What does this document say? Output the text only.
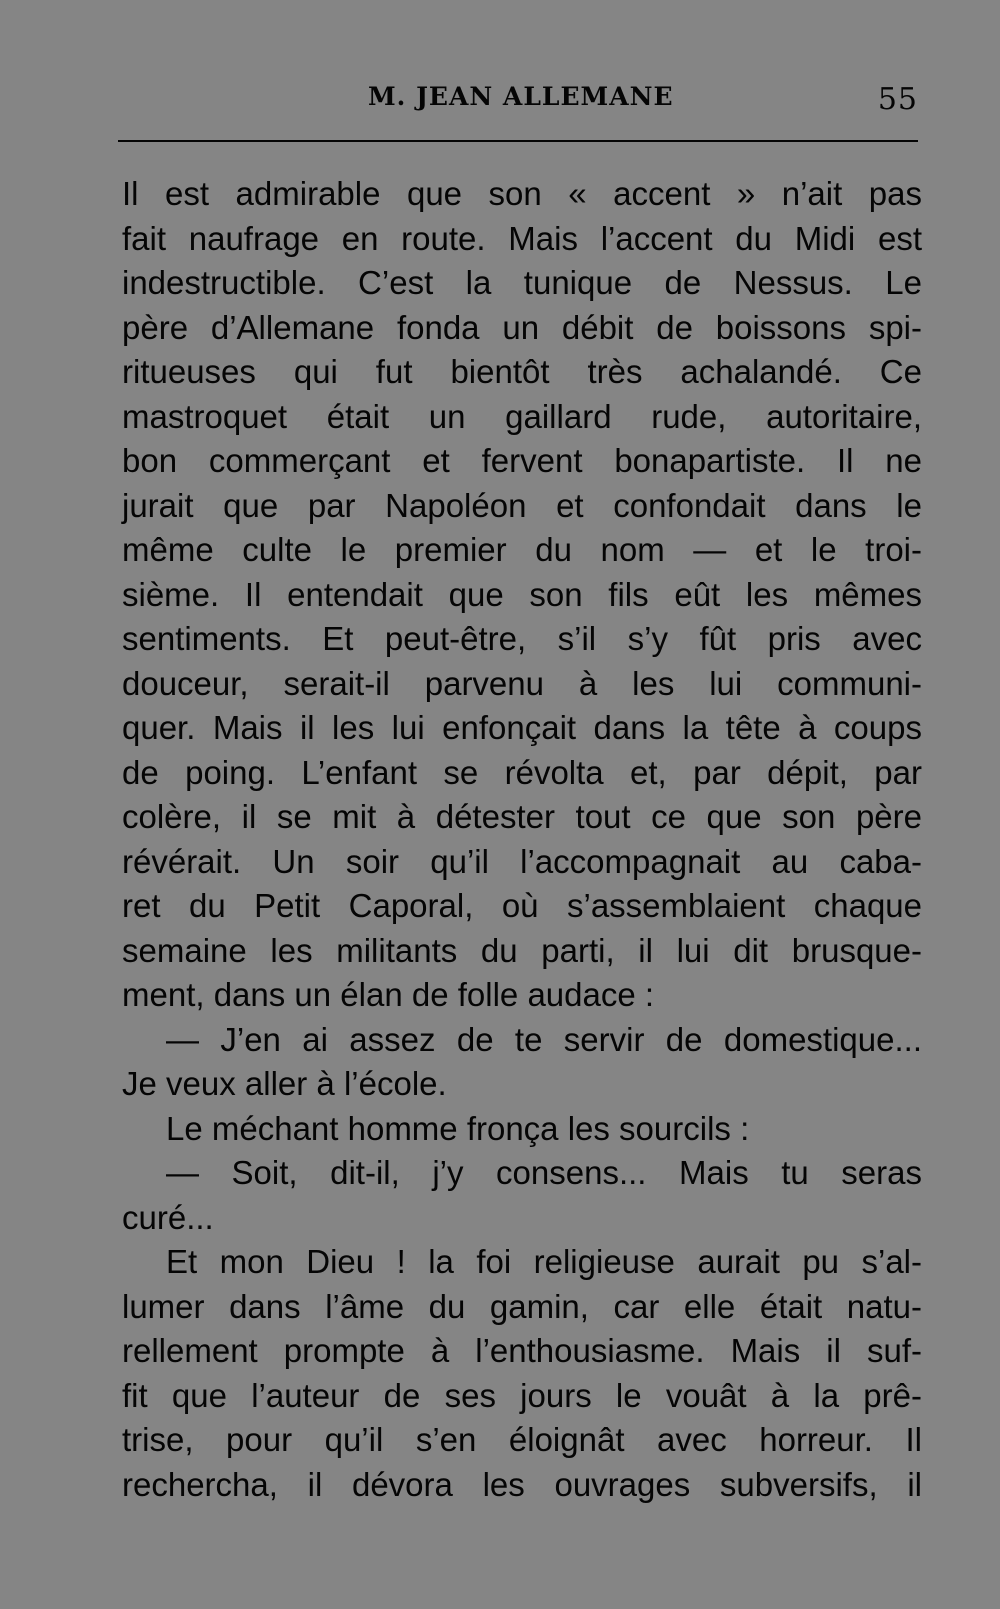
M. JEAN ALLEMANE	55
Il est admirable que son « accent » n’ait pas
fait naufrage en route. Mais l’accent du Midi est
indestructible. C’est la tunique de Nessus. Le
père d’Allemane fonda un débit de boissons spi-
ritueuses qui fut bientôt très achalandé. Ce
mastroquet était un gaillard rude, autoritaire,
bon commerçant et fervent bonapartiste. Il ne
jurait que par Napoléon et confondait dans le
même culte le premier du nom — et le troi-
sième. Il entendait que son fils eût les mêmes
sentiments. Et peut-être, s’il s’y fût pris avec
douceur, serait-il parvenu à les lui communi-
quer. Mais il les lui enfonçait dans la tête à coups
de poing. L’enfant se révolta et, par dépit, par
colère, il se mit à détester tout ce que son père
révérait. Un soir qu’il l’accompagnait au caba-
ret du Petit Caporal, où s’assemblaient chaque
semaine les militants du parti, il lui dit brusque-
ment, dans un élan de folle audace :
— J’en ai assez de te servir de domestique...
Je veux aller à l’école.
Le méchant homme fronça les sourcils :
— Soit, dit-il, j’y consens... Mais tu seras
curé...
Et mon Dieu ! la foi religieuse aurait pu s’al-
lumer dans l’âme du gamin, car elle était natu-
rellement prompte à l’enthousiasme. Mais il suf-
fit que l’auteur de ses jours le vouât à la prê-
trise, pour qu’il s’en éloignât avec horreur. Il
rechercha, il dévora les ouvrages subversifs, il
